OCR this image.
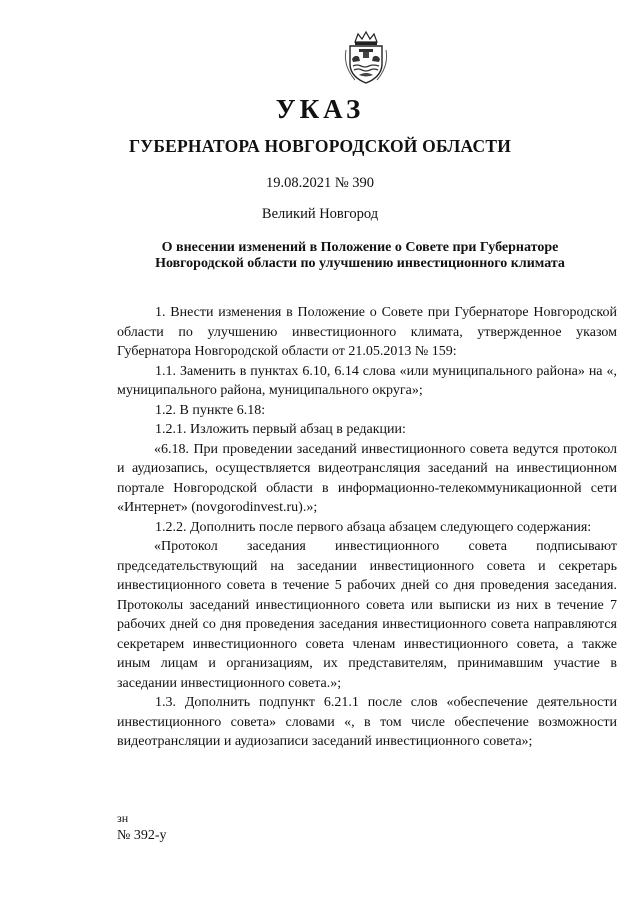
УКАЗ
ГУБЕРНАТОРА НОВГОРОДСКОЙ ОБЛАСТИ
19.08.2021 № 390
Великий Новгород
О внесении изменений в Положение о Совете при Губернаторе
Новгородской области по улучшению инвестиционного климата

1. Внести изменения в Положение о Совете при Губернаторе Новгородской области по улучшению инвестиционного климата, утвержденное указом Губернатора Новгородской области от 21.05.2013 № 159:

1.1. Заменить в пунктах 6.10, 6.14 слова «или муниципального района» на «, муниципального района, муниципального округа»;

1.2. В пункте 6.18:

1.2.1. Изложить первый абзац в редакции:

«6.18. При проведении заседаний инвестиционного совета ведутся протокол и аудиозапись, осуществляется видеотрансляция заседаний на инвестиционном портале Новгородской области в информационно-телекоммуникационной сети «Интернет» (novgorodinvest.ru).»;

1.2.2. Дополнить после первого абзаца абзацем следующего содержания:

«Протокол заседания инвестиционного совета подписывают председательствующий на заседании инвестиционного совета и секретарь инвестиционного совета в течение 5 рабочих дней со дня проведения заседания. Протоколы заседаний инвестиционного совета или выписки из них в течение 7 рабочих дней со дня проведения заседания инвестиционного совета направляются секретарем инвестиционного совета членам инвестиционного совета, а также иным лицам и организациям, их представителям, принимавшим участие в заседании инвестиционного совета.»;

1.3. Дополнить подпункт 6.21.1 после слов «обеспечение деятельности инвестиционного совета» словами «, в том числе обеспечение возможности видеотрансляции и аудиозаписи заседаний инвестиционного совета»;

зн
№ 392-у
